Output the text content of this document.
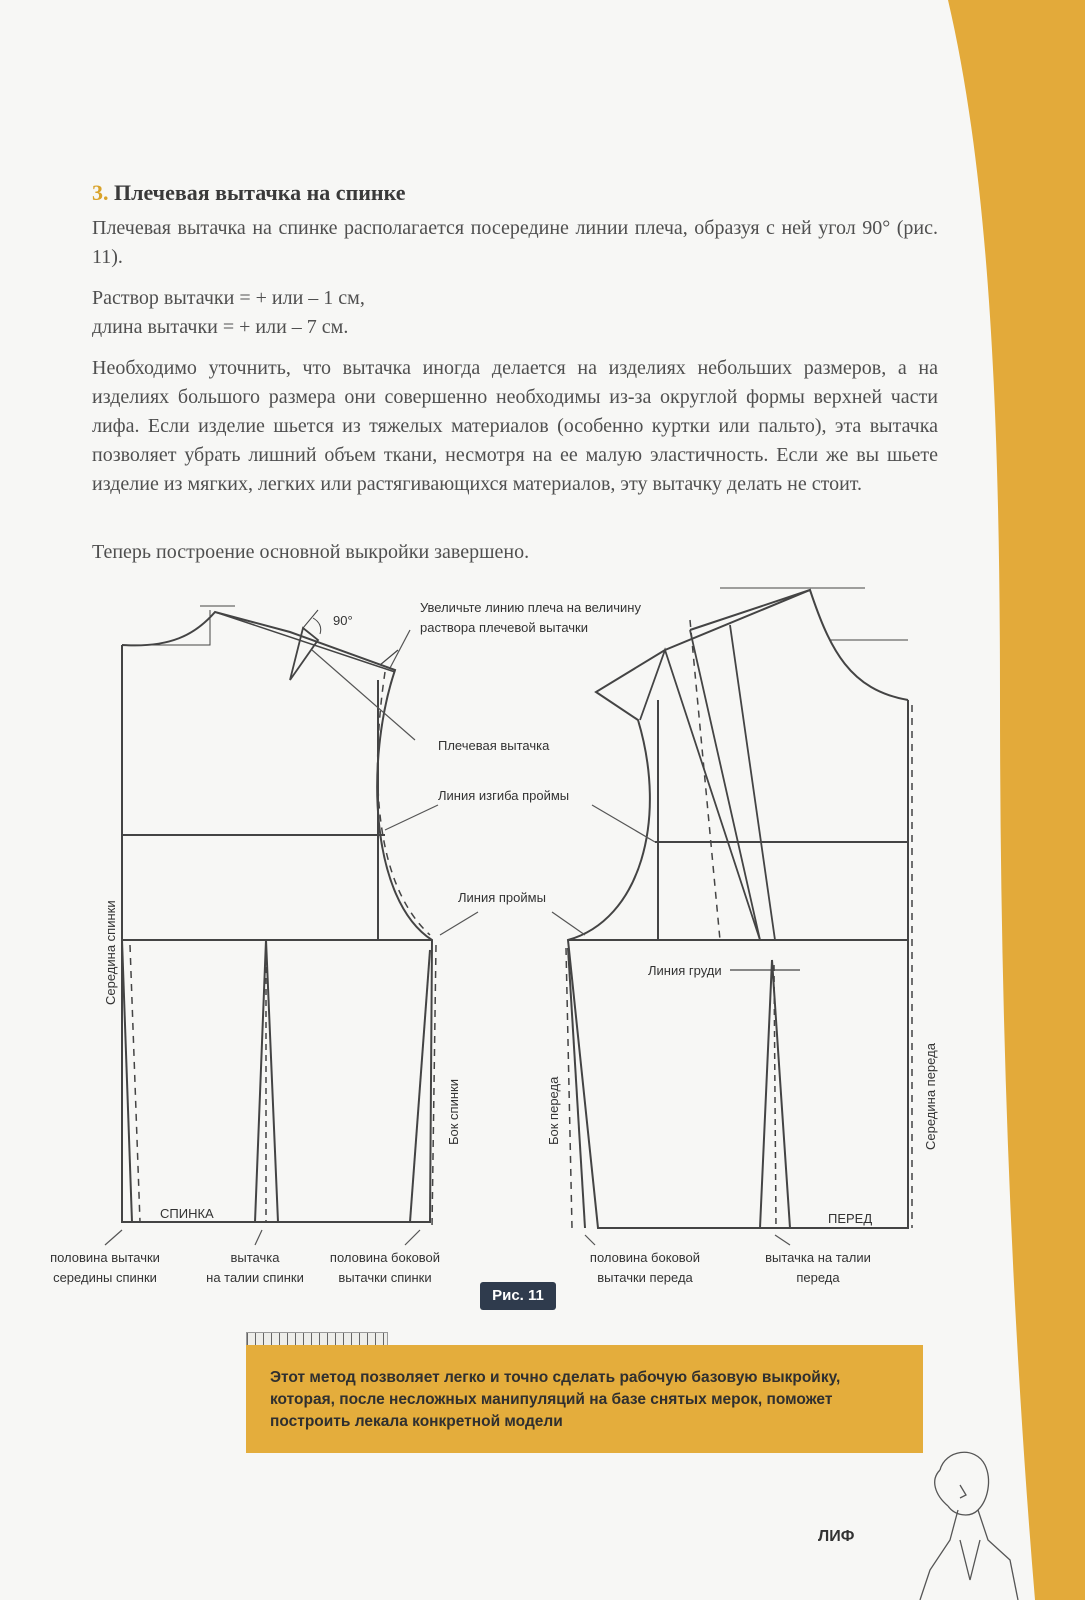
3. Плечевая вытачка на спинке

Плечевая вытачка на спинке располагается посередине линии плеча, образуя с ней угол 90° (рис. 11).

Раствор вытачки = + или – 1 см,

длина вытачки = + или – 7 см.

Необходимо уточнить, что вытачка иногда делается на изделиях небольших размеров, а на изделиях большого размера они совершенно необходимы из-за округлой формы верхней части лифа. Если изделие шьется из тяжелых материалов (особенно куртки или пальто), эта вытачка позволяет убрать лишний объем ткани, несмотря на ее малую эластичность. Если же вы шьете изделие из мягких, легких или растягивающихся материалов, эту вытачку делать не стоит.

Теперь построение основной выкройки завершено.

90°
Увеличьте линию плеча на величину
раствора плечевой вытачки
Плечевая вытачка
Линия изгиба проймы
Линия проймы
Линия груди
СПИНКА	ПЕРЕД
Середина спинки
Бок спинки	Бок переда	Середина переда
половина вытачки
середины спинки
вытачка
на талии спинки
половина боковой
вытачки спинки
половина боковой
вытачки переда
вытачка на талии
переда
Рис. 11
Этот метод позволяет легко и точно сделать рабочую базовую выкройку, которая, после несложных манипуляций на базе снятых мерок, поможет построить лекала конкретной модели

ЛИФ
